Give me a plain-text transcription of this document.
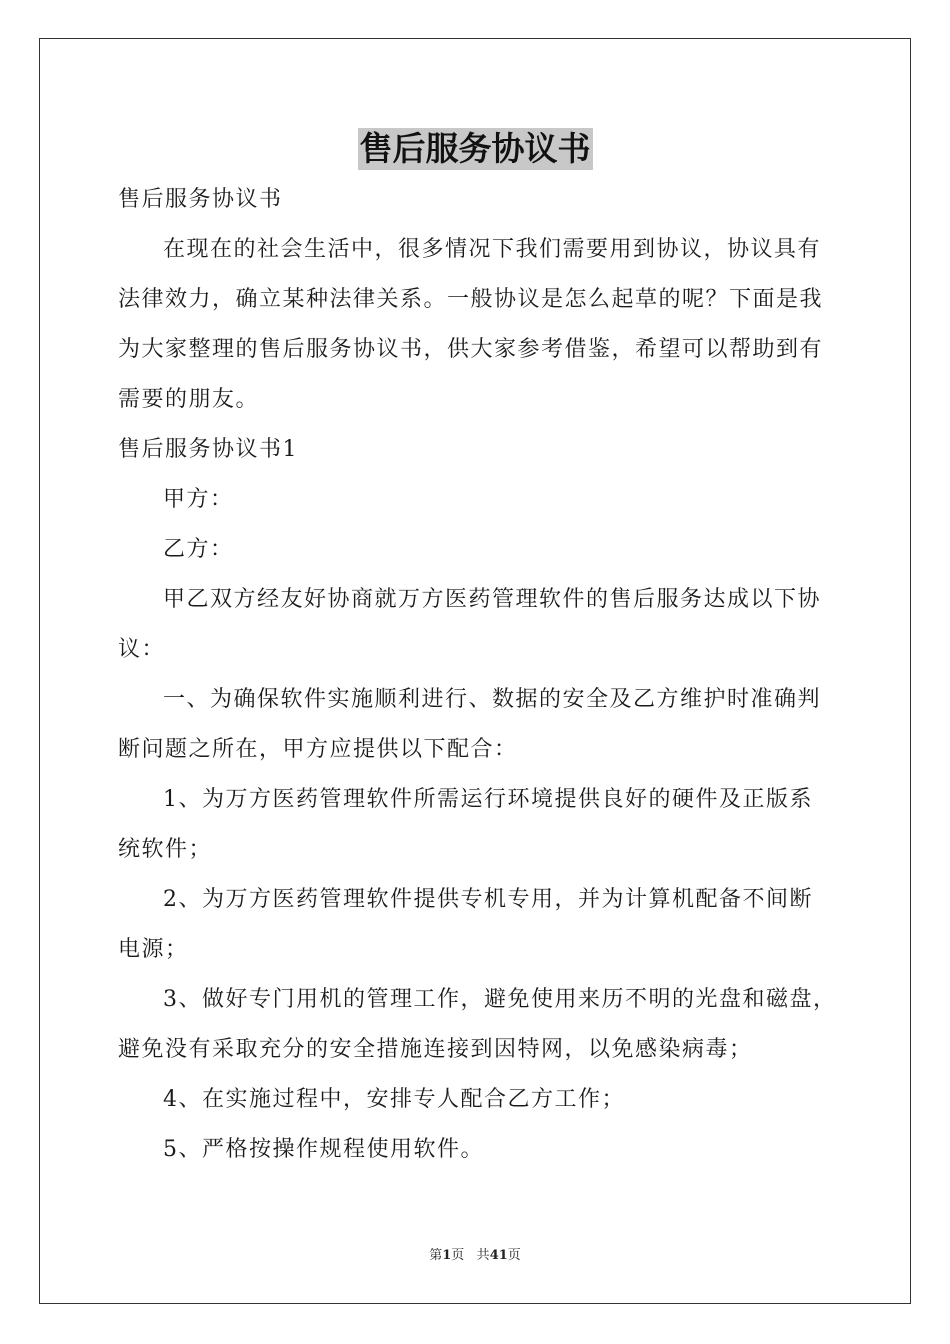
售后服务协议书
售后服务协议书
在现在的社会生活中，很多情况下我们需要用到协议，协议具有
法律效力，确立某种法律关系。一般协议是怎么起草的呢？下面是我
为大家整理的售后服务协议书，供大家参考借鉴，希望可以帮助到有
需要的朋友。
售后服务协议书1
甲方：
乙方：
甲乙双方经友好协商就万方医药管理软件的售后服务达成以下协
议：
一、为确保软件实施顺利进行、数据的安全及乙方维护时准确判
断问题之所在，甲方应提供以下配合：
1、为万方医药管理软件所需运行环境提供良好的硬件及正版系
统软件；
2、为万方医药管理软件提供专机专用，并为计算机配备不间断
电源；
3、做好专门用机的管理工作，避免使用来历不明的光盘和磁盘，
避免没有采取充分的安全措施连接到因特网，以免感染病毒；
4、在实施过程中，安排专人配合乙方工作；
5、严格按操作规程使用软件。
第1页 共41页
